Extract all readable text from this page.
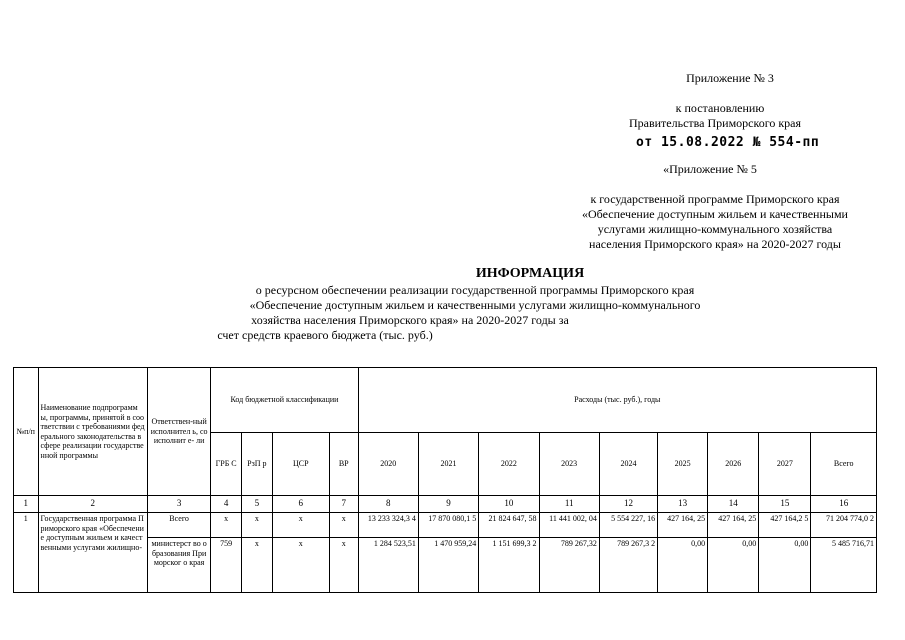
Приложение № 3
к постановлению
Правительства Приморского края
от 15.08.2022 № 554-пп
«Приложение № 5
к государственной программе Приморского края
«Обеспечение доступным жильем и качественными
услугами жилищно-коммунального хозяйства
населения Приморского края» на 2020-2027 годы
ИНФОРМАЦИЯ
о ресурсном обеспечении реализации государственной программы Приморского края
«Обеспечение доступным жильем и качественными услугами жилищно-коммунального
хозяйства населения Приморского края» на 2020-2027 годы за
счет средств краевого бюджета (тыс. руб.)
№п/п	Наименование подпрограммы, программы, принятой в соответствии с требованиями федерального законодательства в сфере реализации государственной программы	Ответствен-ный исполнител ь, соисполнит е- ли	Код бюджетной классификации				Расходы (тыс. руб.), годы								
			ГРБ С	РзП р	ЦСР	ВР	2020	2021	2022	2023	2024	2025	2026	2027	Всего
1	2	3	4	5	6	7	8	9	10	11	12	13	14	15	16
1	Государственная программа Приморского края «Обеспечение доступным жильем и качественными услугами жилищно-	Всего	x	x	x	x	13 233 324,3 4	17 870 080,1 5	21 824 647, 58	11 441 002, 04	5 554 227, 16	427 164, 25	427 164, 25	427 164,2 5	71 204 774,0 2
		министерст во образования Приморског о края	759	x	x	x	1 284 523,51	1 470 959,24	1 151 699,3 2	789 267,32	789 267,3 2	0,00	0,00	0,00	5 485 716,71
